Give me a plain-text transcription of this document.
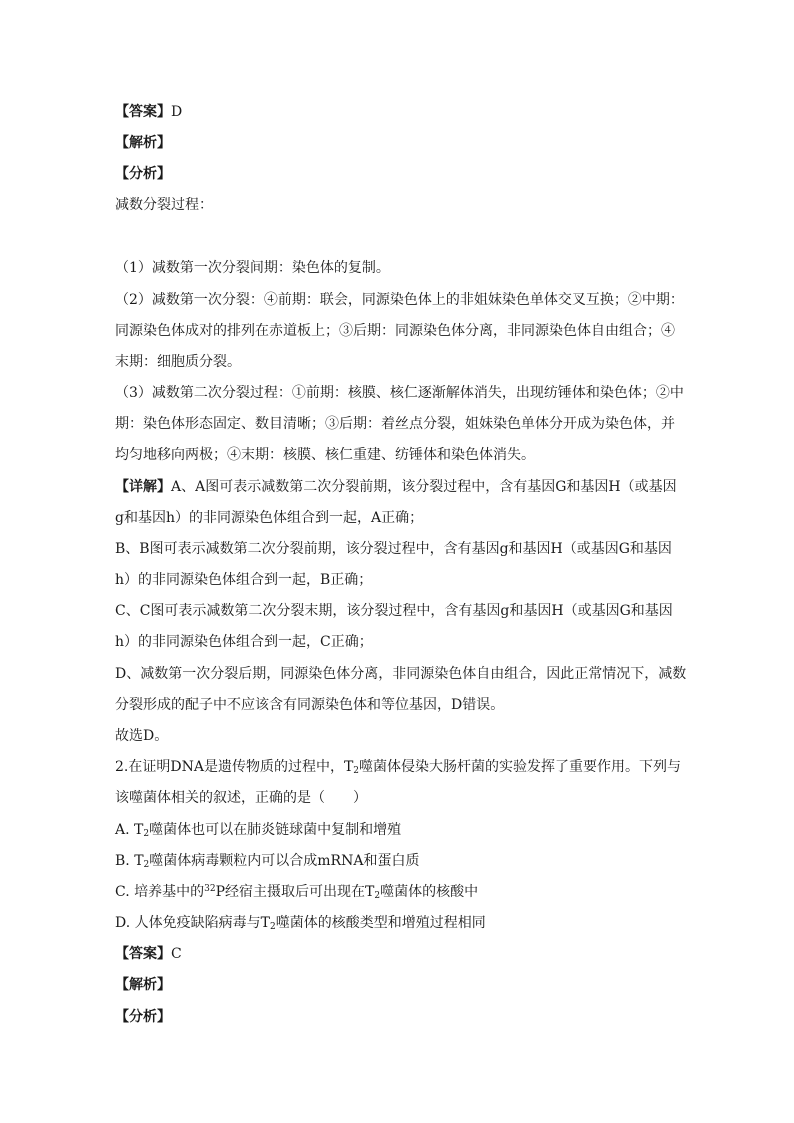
【答案】D
【解析】
【分析】
减数分裂过程：
（1）减数第一次分裂间期：染色体的复制。
（2）减数第一次分裂：④前期：联会，同源染色体上的非姐妹染色单体交叉互换；②中期：
同源染色体成对的排列在赤道板上；③后期：同源染色体分离，非同源染色体自由组合；④
末期：细胞质分裂。
（3）减数第二次分裂过程：①前期：核膜、核仁逐渐解体消失，出现纺锤体和染色体；②中
期：染色体形态固定、数目清晰；③后期：着丝点分裂，姐妹染色单体分开成为染色体，并
均匀地移向两极；④末期：核膜、核仁重建、纺锤体和染色体消失。
【详解】A、A图可表示减数第二次分裂前期，该分裂过程中，含有基因G和基因H（或基因
g和基因h）的非同源染色体组合到一起，A正确；
B、B图可表示减数第二次分裂前期，该分裂过程中，含有基因g和基因H（或基因G和基因
h）的非同源染色体组合到一起，B正确；
C、C图可表示减数第二次分裂末期，该分裂过程中，含有基因g和基因H（或基因G和基因
h）的非同源染色体组合到一起，C正确；
D、减数第一次分裂后期，同源染色体分离，非同源染色体自由组合，因此正常情况下，减数
分裂形成的配子中不应该含有同源染色体和等位基因，D错误。
故选D。
2.在证明DNA是遗传物质的过程中，$T_2$噬菌体侵染大肠杆菌的实验发挥了重要作用。下列与
该噬菌体相关的叙述，正确的是（　　）
A. $T_2$噬菌体也可以在肺炎链球菌中复制和增殖
B. $T_2$噬菌体病毒颗粒内可以合成mRNA和蛋白质
C. 培养基中的$^{32}$P经宿主摄取后可出现在$T_2$噬菌体的核酸中
D. 人体免疫缺陷病毒与$T_2$噬菌体的核酸类型和增殖过程相同
【答案】C
【解析】
【分析】
